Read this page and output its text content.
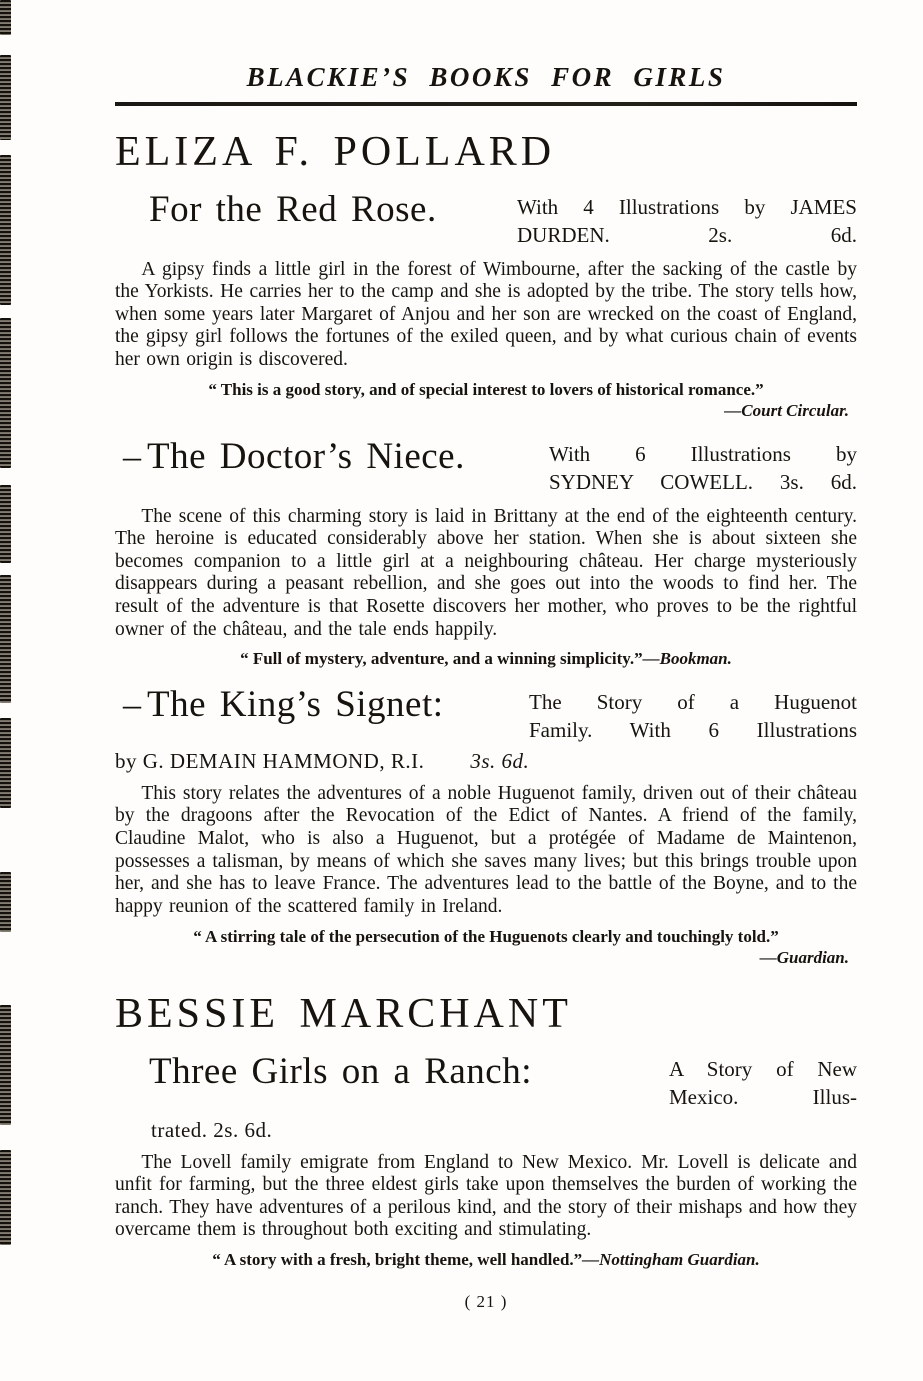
BLACKIE’S BOOKS FOR GIRLS
ELIZA F. POLLARD
For the Red Rose.	With 4 Illustrations by JAMES
DURDEN. 2s. 6d.
A gipsy finds a little girl in the forest of Wimbourne, after the sacking of the castle by the Yorkists. He carries her to the camp and she is adopted by the tribe. The story tells how, when some years later Margaret of Anjou and her son are wrecked on the coast of England, the gipsy girl follows the fortunes of the exiled queen, and by what curious chain of events her own origin is discovered.
“ This is a good story, and of special interest to lovers of historical romance.”
—Court Circular.
– The Doctor’s Niece.	With 6 Illustrations by
SYDNEY COWELL. 3s. 6d.
The scene of this charming story is laid in Brittany at the end of the eighteenth century. The heroine is educated considerably above her station. When she is about sixteen she becomes companion to a little girl at a neighbouring château. Her charge mysteriously disappears during a peasant rebellion, and she goes out into the woods to find her. The result of the adventure is that Rosette discovers her mother, who proves to be the rightful owner of the château, and the tale ends happily.
“ Full of mystery, adventure, and a winning simplicity.”—Bookman.
– The King’s Signet:	The Story of a Huguenot
Family. With 6 Illustrations
by G. DEMAIN HAMMOND, R.I. 3s. 6d.
This story relates the adventures of a noble Huguenot family, driven out of their château by the dragoons after the Revocation of the Edict of Nantes. A friend of the family, Claudine Malot, who is also a Huguenot, but a protégée of Madame de Maintenon, possesses a talisman, by means of which she saves many lives; but this brings trouble upon her, and she has to leave France. The adventures lead to the battle of the Boyne, and to the happy reunion of the scattered family in Ireland.
“ A stirring tale of the persecution of the Huguenots clearly and touchingly told.”
—Guardian.
BESSIE MARCHANT
Three Girls on a Ranch:	A Story of New
Mexico. Illus-
trated. 2s. 6d.
The Lovell family emigrate from England to New Mexico. Mr. Lovell is delicate and unfit for farming, but the three eldest girls take upon themselves the burden of working the ranch. They have adventures of a perilous kind, and the story of their mishaps and how they overcame them is throughout both exciting and stimulating.
“ A story with a fresh, bright theme, well handled.”—Nottingham Guardian.
( 21 )
